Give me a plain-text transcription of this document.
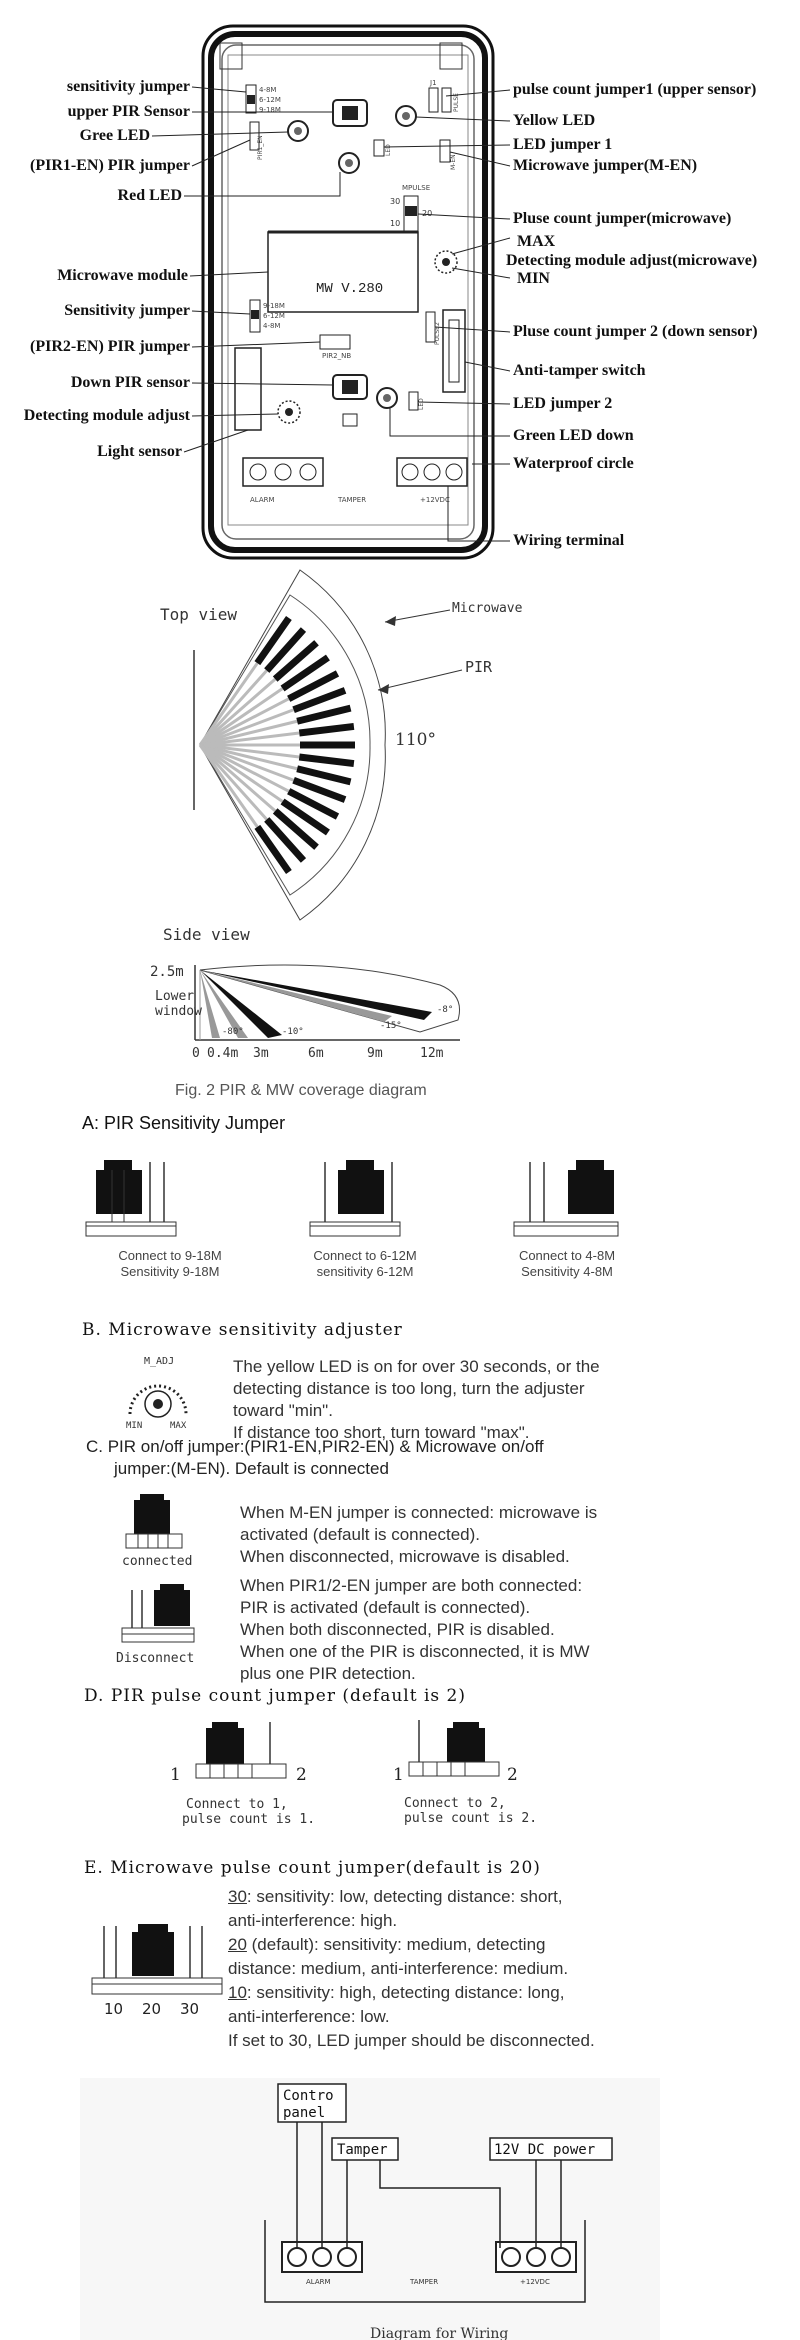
MW V.280
ALARM	TAMPER	+12VDC
4-8M
6-12M
9-18M
9-18M
6-12M
4-8M
PIR1_EN
PIR2_NB
M-EN
LED
LED
J1
PULSE
PULSE2
MPULSE
30
20
10
sensitivity jumper
upper PIR Sensor
Gree LED
(PIR1-EN) PIR jumper
Red LED
Microwave module
Sensitivity jumper
(PIR2-EN) PIR jumper
Down PIR sensor
Detecting module adjust
Light sensor
pulse count jumper1 (upper sensor)
Yellow LED
LED jumper 1
Microwave jumper(M-EN)
Pluse count jumper(microwave)
MAX
Detecting module adjust(microwave)
MIN
Pluse count jumper 2 (down sensor)
Anti-tamper switch
LED jumper 2
Green LED down
Waterproof circle
Wiring terminal
Top view	Microwave
PIR
110°
Side view
2.5m
Lower
window
0 0.4m 3m	6m	9m	12m
-80°	-10°
-15°
-8°
Fig. 2 PIR & MW coverage diagram
A: PIR Sensitivity Jumper
Connect to 9-18M
Sensitivity 9-18M
Connect to 6-12M
sensitivity 6-12M
Connect to 4-8M
Sensitivity 4-8M
B. Microwave sensitivity adjuster
M_ADJ
MIN	MAX
The yellow LED is on for over 30 seconds, or the
detecting distance is too long, turn the adjuster
toward "min".
If distance too short, turn toward "max".
C. PIR on/off jumper:(PIR1-EN,PIR2-EN) & Microwave on/off
jumper:(M-EN). Default is connected
connected
Disconnect
When M-EN jumper is connected: microwave is
activated (default is connected).
When disconnected, microwave is disabled.
When PIR1/2-EN jumper are both connected:
PIR is activated (default is connected).
When both disconnected, PIR is disabled.
When one of the PIR is disconnected, it is MW
plus one PIR detection.
D. PIR pulse count jumper (default is 2)
1	2
Connect to 1,
pulse count is 1.
1	2
Connect to 2,
pulse count is 2.
E. Microwave pulse count jumper(default is 20)
10 20 30
30: sensitivity: low, detecting distance: short,
anti-interference: high.
20 (default): sensitivity: medium, detecting
distance: medium, anti-interference: medium.
10: sensitivity: high, detecting distance: long,
anti-interference: low.
If set to 30, LED jumper should be disconnected.
Contro
panel
Tamper	12V DC power
ALARM	TAMPER	+12VDC
Diagram for Wiring
